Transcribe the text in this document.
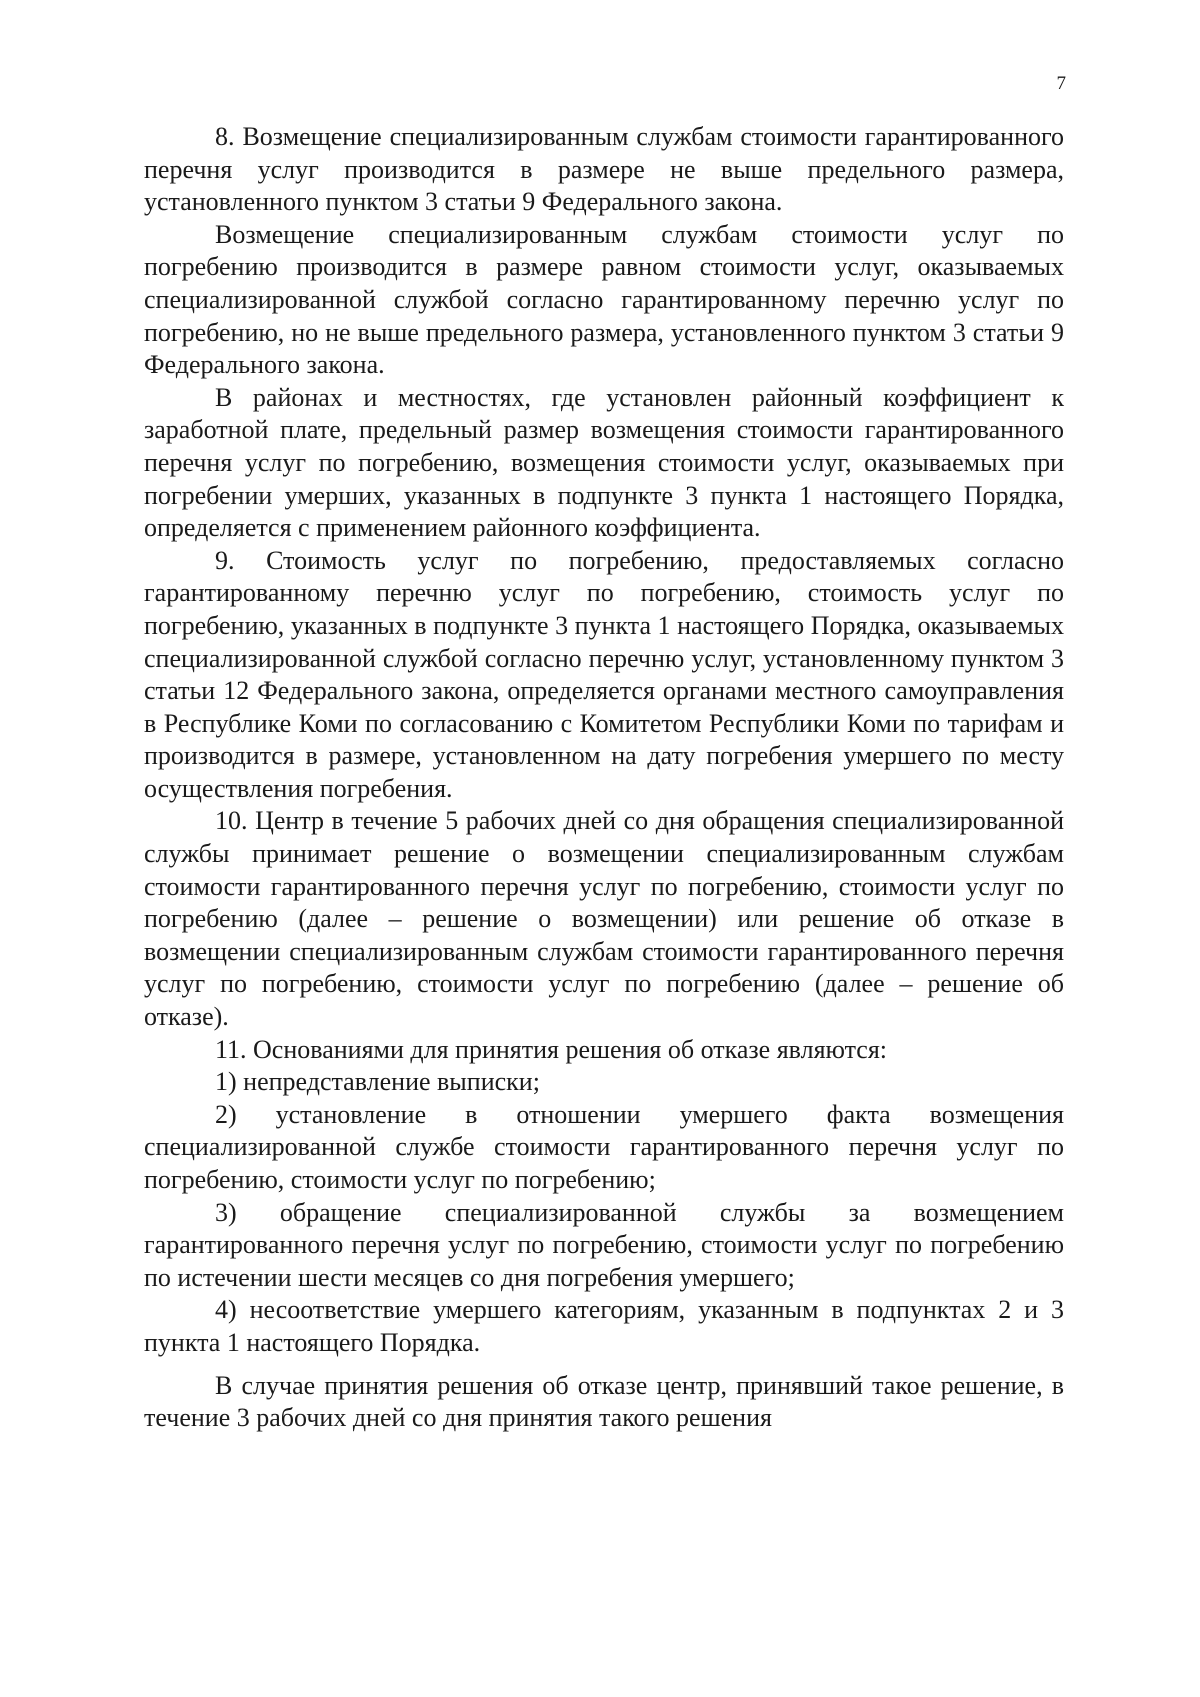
7

8. Возмещение специализированным службам стоимости гарантированного перечня услуг производится в размере не выше предельного размера, установленного пунктом 3 статьи 9 Федерального закона.

Возмещение специализированным службам стоимости услуг по погребению производится в размере равном стоимости услуг, оказываемых специализированной службой согласно гарантированному перечню услуг по погребению, но не выше предельного размера, установленного пунктом 3 статьи 9 Федерального закона.

В районах и местностях, где установлен районный коэффициент к заработной плате, предельный размер возмещения стоимости гарантированного перечня услуг по погребению, возмещения стоимости услуг, оказываемых при погребении умерших, указанных в подпункте 3 пункта 1 настоящего Порядка, определяется с применением районного коэффициента.

9. Стоимость услуг по погребению, предоставляемых согласно гарантированному перечню услуг по погребению, стоимость услуг по погребению, указанных в подпункте 3 пункта 1 настоящего Порядка, оказываемых специализированной службой согласно перечню услуг, установленному пунктом 3 статьи 12 Федерального закона, определяется органами местного самоуправления в Республике Коми по согласованию с Комитетом Республики Коми по тарифам и производится в размере, установленном на дату погребения умершего по месту осуществления погребения.

10. Центр в течение 5 рабочих дней со дня обращения специализированной службы принимает решение о возмещении специализированным службам стоимости гарантированного перечня услуг по погребению, стоимости услуг по погребению (далее – решение о возмещении) или решение об отказе в возмещении специализированным службам стоимости гарантированного перечня услуг по погребению, стоимости услуг по погребению (далее – решение об отказе).

11. Основаниями для принятия решения об отказе являются:

1) непредставление выписки;

2) установление в отношении умершего факта возмещения специализированной службе стоимости гарантированного перечня услуг по погребению, стоимости услуг по погребению;

3) обращение специализированной службы за возмещением гарантированного перечня услуг по погребению, стоимости услуг по погребению по истечении шести месяцев со дня погребения умершего;

4) несоответствие умершего категориям, указанным в подпунктах 2 и 3 пункта 1 настоящего Порядка.

В случае принятия решения об отказе центр, принявший такое решение, в течение 3 рабочих дней со дня принятия такого решения
